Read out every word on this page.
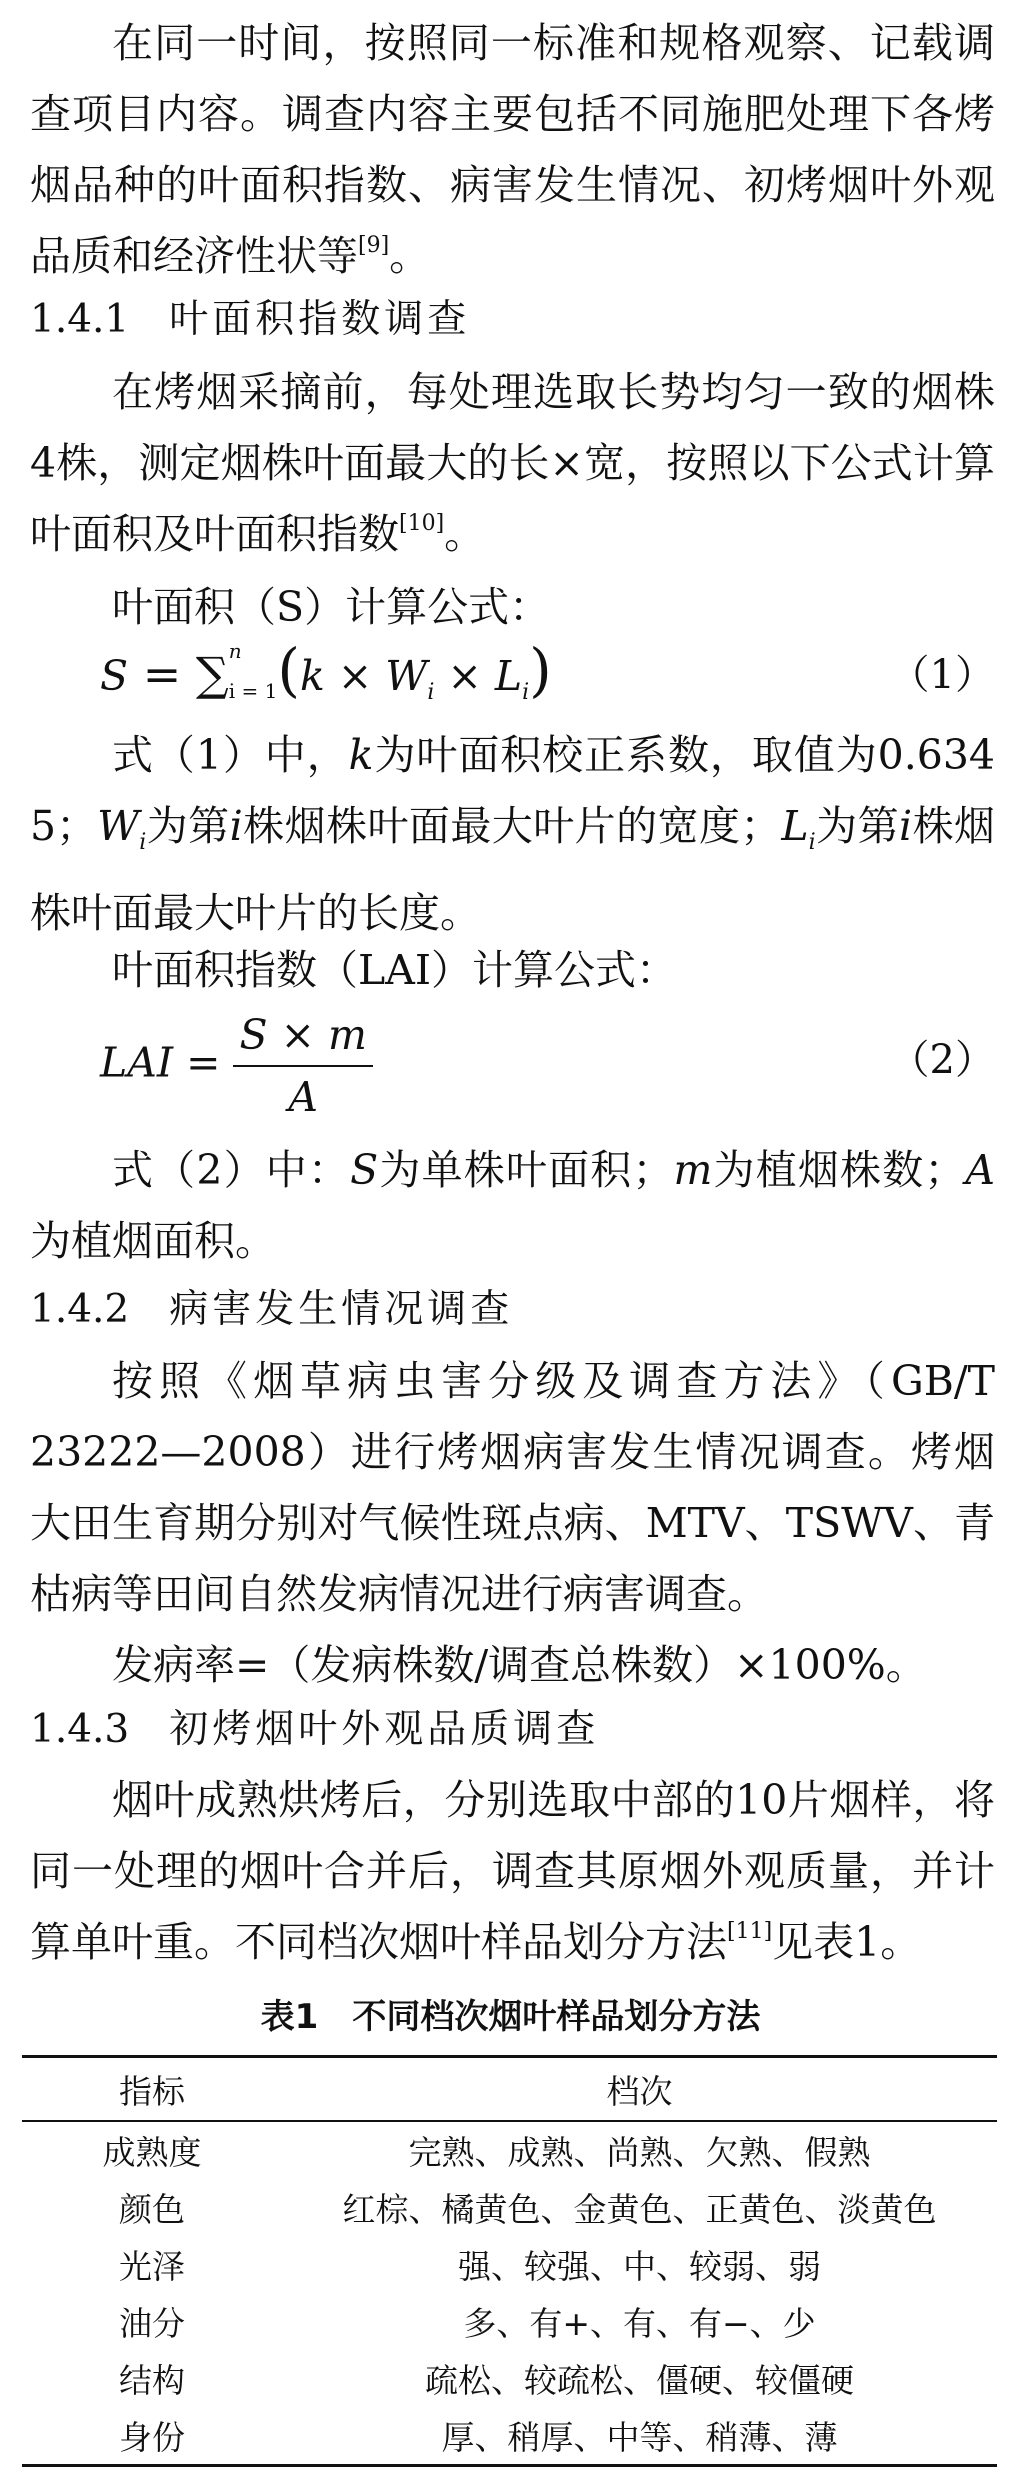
在同一时间，按照同一标准和规格观察、记载调查项目内容。调查内容主要包括不同施肥处理下各烤烟品种的叶面积指数、病害发生情况、初烤烟叶外观品质和经济性状等[9]。
1.4.1 叶面积指数调查
在烤烟采摘前，每处理选取长势均匀一致的烟株4株，测定烟株叶面最大的长×宽，按照以下公式计算叶面积及叶面积指数[10]。
叶面积（S）计算公式：
S = ∑ n
i = 1 $(k \times W_i \times L_i)$	（1）
式（1）中，k为叶面积校正系数，取值为0.634 5；$W_i$为第i株烟株叶面最大叶片的宽度；$L_i$为第i株烟株叶面最大叶片的长度。
叶面积指数（LAI）计算公式：
LAI = $\frac{S \times m}{A}$	（2）
式（2）中：S为单株叶面积；m为植烟株数；A为植烟面积。
1.4.2 病害发生情况调查
按照《烟草病虫害分级及调查方法》（GB/T 23222—2008）进行烤烟病害发生情况调查。烤烟大田生育期分别对气候性斑点病、MTV、TSWV、青枯病等田间自然发病情况进行病害调查。
发病率=（发病株数/调查总株数）×100%。
1.4.3 初烤烟叶外观品质调查
烟叶成熟烘烤后，分别选取中部的10片烟样，将同一处理的烟叶合并后，调查其原烟外观质量，并计算单叶重。不同档次烟叶样品划分方法[11]见表1。
表1　不同档次烟叶样品划分方法
指标	档次
成熟度	完熟、成熟、尚熟、欠熟、假熟
颜色	红棕、橘黄色、金黄色、正黄色、淡黄色
光泽	强、较强、中、较弱、弱
油分	多、有+、有、有−、少
结构	疏松、较疏松、僵硬、较僵硬
身份	厚、稍厚、中等、稍薄、薄
